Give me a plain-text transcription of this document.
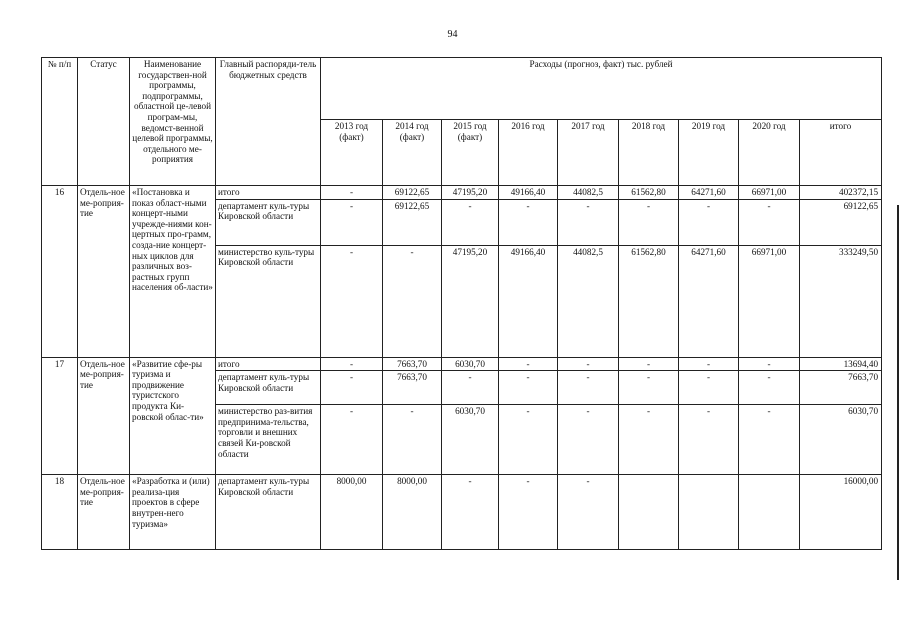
94
№ п/п	Статус	Наименование государствен-ной программы, подпрограммы, областной це-левой програм-мы, ведомст-венной целевой программы, отдельного ме-роприятия	Главный распоряди-тель бюджетных средств	Расходы (прогноз, факт) тыс. рублей								
				2013 год (факт)	2014 год (факт)	2015 год (факт)	2016 год	2017 год	2018 год	2019 год	2020 год	итого
16	Отдель-ное ме-роприя-тие	«Постановка и показ област-ными концерт-ными учрежде-ниями кон-цертных про-грамм, созда-ние концерт-ных циклов для различных воз-растных групп населения об-ласти»	итого	-	69122,65	47195,20	49166,40	44082,5	61562,80	64271,60	66971,00	402372,15
			департамент куль-туры Кировской области	-	69122,65	-	-	-	-	-	-	69122,65
			министерство куль-туры Кировской области	-	-	47195,20	49166,40	44082,5	61562,80	64271,60	66971,00	333249,50
17	Отдель-ное ме-роприя-тие	«Развитие сфе-ры туризма и продвижение туристского продукта Ки-ровской облас-ти»	итого	-	7663,70	6030,70	-	-	-	-	-	13694,40
			департамент куль-туры Кировской области	-	7663,70	-	-	-	-	-	-	7663,70
			министерство раз-вития предпринима-тельства, торговли и внешних связей Ки-ровской области	-	-	6030,70	-	-	-	-	-	6030,70
18	Отдель-ное ме-роприя-тие	«Разработка и (или) реализа-ция проектов в сфере внутрен-него туризма»	департамент куль-туры Кировской области	8000,00	8000,00	-	-	-				16000,00
